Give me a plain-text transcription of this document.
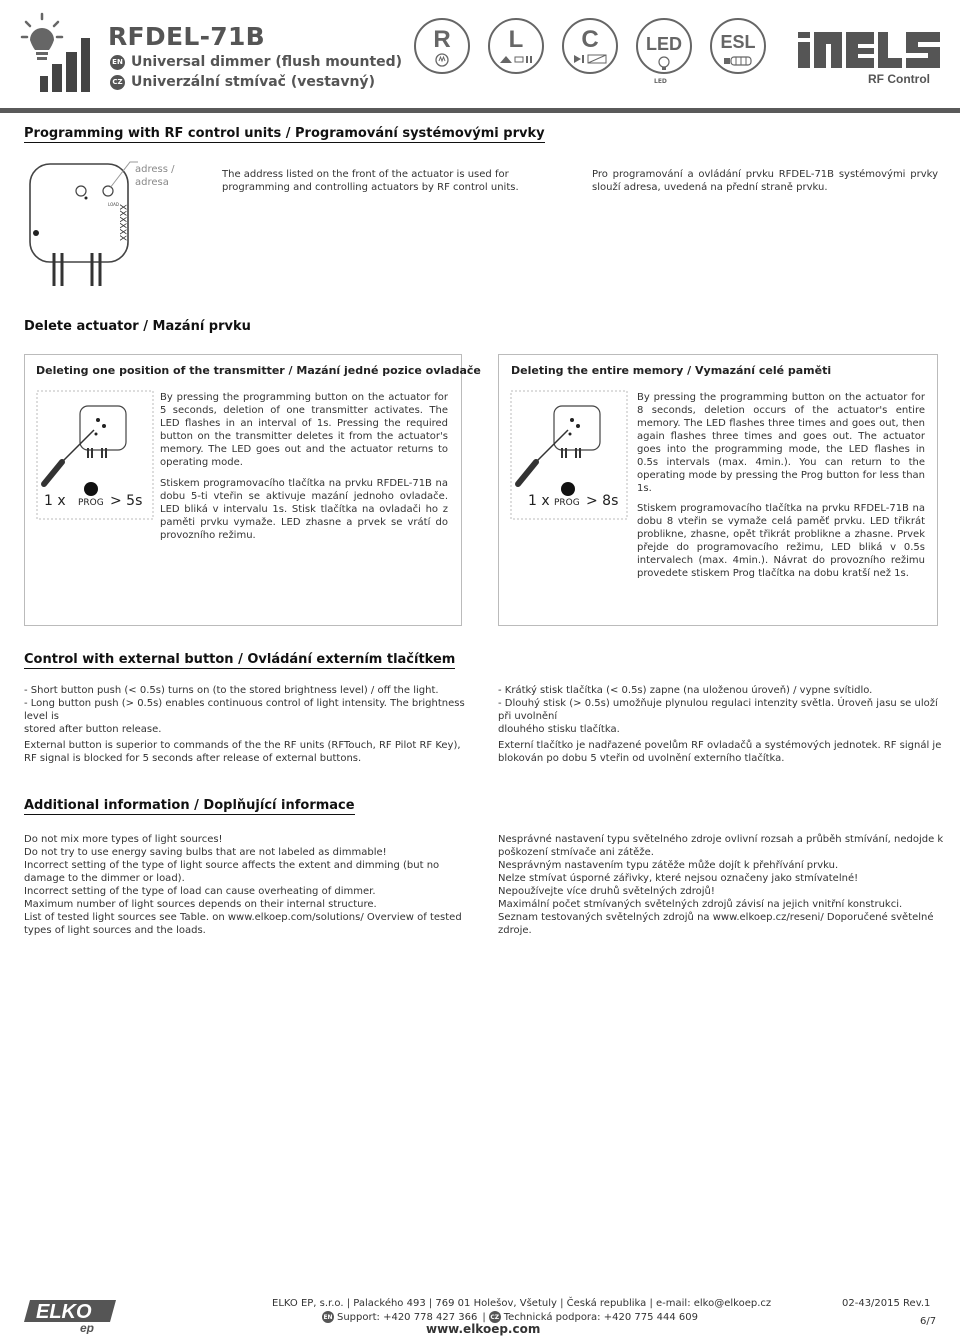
RFDEL-71B
EN Universal dimmer (flush mounted)
CZ Univerzální stmívač (vestavný)
R	L	C	LED
LED
ESL
RF Control
Programming with RF control units / Programování systémovými prvky
LOAD
XXXXXX
adress / adresa
The address listed on the front of the actuator is used for programming and controlling actuators by RF control units.
Pro programování a ovládání prvku RFDEL-71B systémovými prvky slouží adresa, uvedená na přední straně prvku.
Delete actuator / Mazání prvku
Deleting one position of the transmitter / Mazání jedné pozice ovladače
1 x PROG > 5s
By pressing the programming button on the actuator for 5 seconds, deletion of one transmitter activates. The LED flashes in an interval of 1s. Pressing the required button on the transmitter deletes it from the actuator's memory. The LED goes out and the actuator returns to operating mode.
Stiskem programovacího tlačítka na prvku RFDEL-71B na dobu 5-ti vteřin se aktivuje mazání jednoho ovladače. LED bliká v intervalu 1s. Stisk tlačítka na ovladači ho z paměti prvku vymaže. LED zhasne a prvek se vrátí do provozního režimu.
Deleting the entire memory / Vymazání celé paměti
1 x PROG > 8s
By pressing the programming button on the actuator for 8 seconds, deletion occurs of the actuator's entire memory. The LED flashes three times and goes out, then again flashes three times and goes out. The actuator goes into the programming mode, the LED flashes in 0.5s intervals (max. 4min.). You can return to the operating mode by pressing the Prog button for less than 1s.
Stiskem programovacího tlačítka na prvku RFDEL-71B na dobu 8 vteřin se vymaže celá paměť prvku. LED třikrát problikne, zhasne, opět třikrát problikne a zhasne. Prvek přejde do programovacího režimu, LED bliká v 0.5s intervalech (max. 4min.). Návrat do provozního režimu provedete stiskem Prog tlačítka na dobu kratší než 1s.
Control with external button / Ovládání externím tlačítkem
- Short button push (< 0.5s) turns on (to the stored brightness level) / off the light.
- Long button push (> 0.5s) enables continuous control of light intensity. The brightness level is
stored after button release.
External button is superior to commands of the the RF units (RFTouch, RF Pilot RF Key), RF signal is blocked for 5 seconds after release of external buttons.
- Krátký stisk tlačítka (< 0.5s) zapne (na uloženou úroveň) / vypne svítidlo.
- Dlouhý stisk (> 0.5s) umožňuje plynulou regulaci intenzity světla. Úroveň jasu se uloží při uvolnění
dlouhého stisku tlačítka.
Externí tlačítko je nadřazené povelům RF ovladačů a systémových jednotek. RF signál je blokován po dobu 5 vteřin od uvolnění externího tlačítka.
Additional information / Doplňující informace
Do not mix more types of light sources!
Do not try to use energy saving bulbs that are not labeled as dimmable!
Incorrect setting of the type of light source affects the extent and dimming (but no damage to the dimmer or load).
Incorrect setting of the type of load can cause overheating of dimmer.
Maximum number of light sources depends on their internal structure.
List of tested light sources see Table. on www.elkoep.com/solutions/ Overview of tested types of light sources and the loads.
Nesprávné nastavení typu světelného zdroje ovlivní rozsah a průběh stmívání, nedojde k poškození stmívače ani zátěže.
Nesprávným nastavením typu zátěže může dojít k přehřívání prvku.
Nelze stmívat úsporné zářivky, které nejsou označeny jako stmívatelné!
Nepoužívejte více druhů světelných zdrojů!
Maximální počet stmívaných světelných zdrojů závisí na jejich vnitřní konstrukci.
Seznam testovaných světelných zdrojů na www.elkoep.cz/reseni/ Doporučené světelné zdroje.
ELKO
ep
ELKO EP, s.r.o. | Palackého 493 | 769 01 Holešov, Všetuly | Česká republika | e-mail: elko@elkoep.cz
EN Support: +420 778 427 366 | CZ Technická podpora: +420 775 444 609
www.elkoep.com
02-43/2015 Rev.1
6/7
